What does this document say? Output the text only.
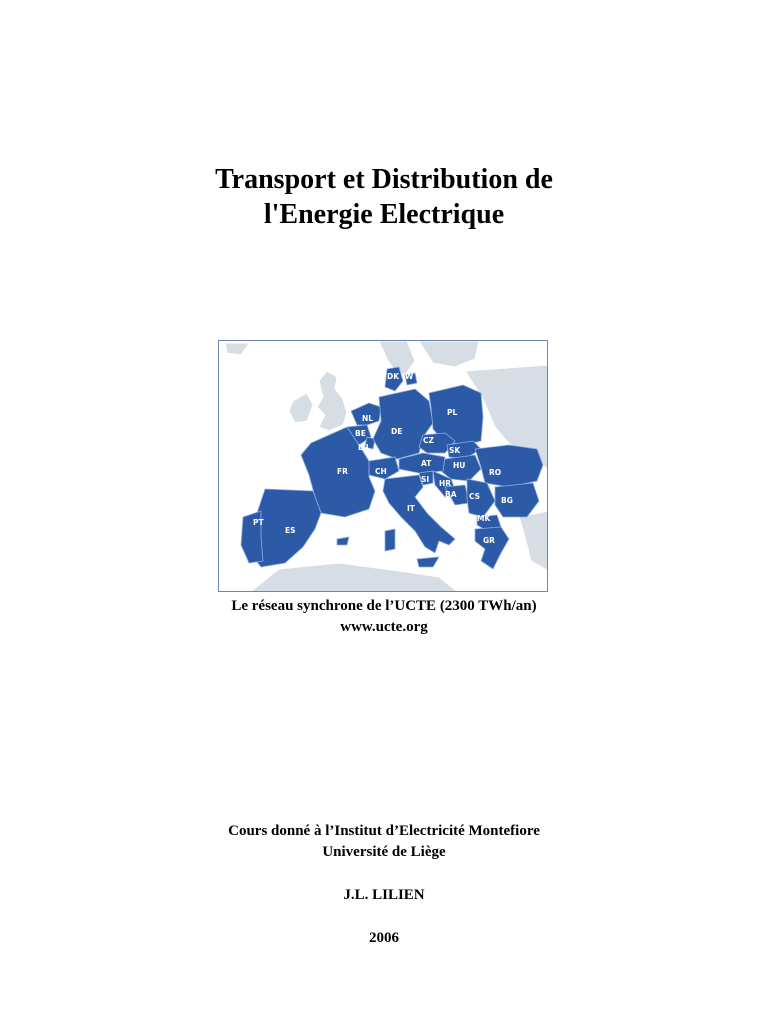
Transport et Distribution de
l'Energie Electrique
DK W
NL
BE
LU
DE
PL
CZ
SK
AT	HU
CH
FR
SI HR
BA CS
RO
BG
MK
GR
IT
PT
ES

Le réseau synchrone de l’UCTE (2300 TWh/an)
www.ucte.org

Cours donné à l’Institut d’Electricité Montefiore
Université de Liège
J.L. LILIEN
2006
